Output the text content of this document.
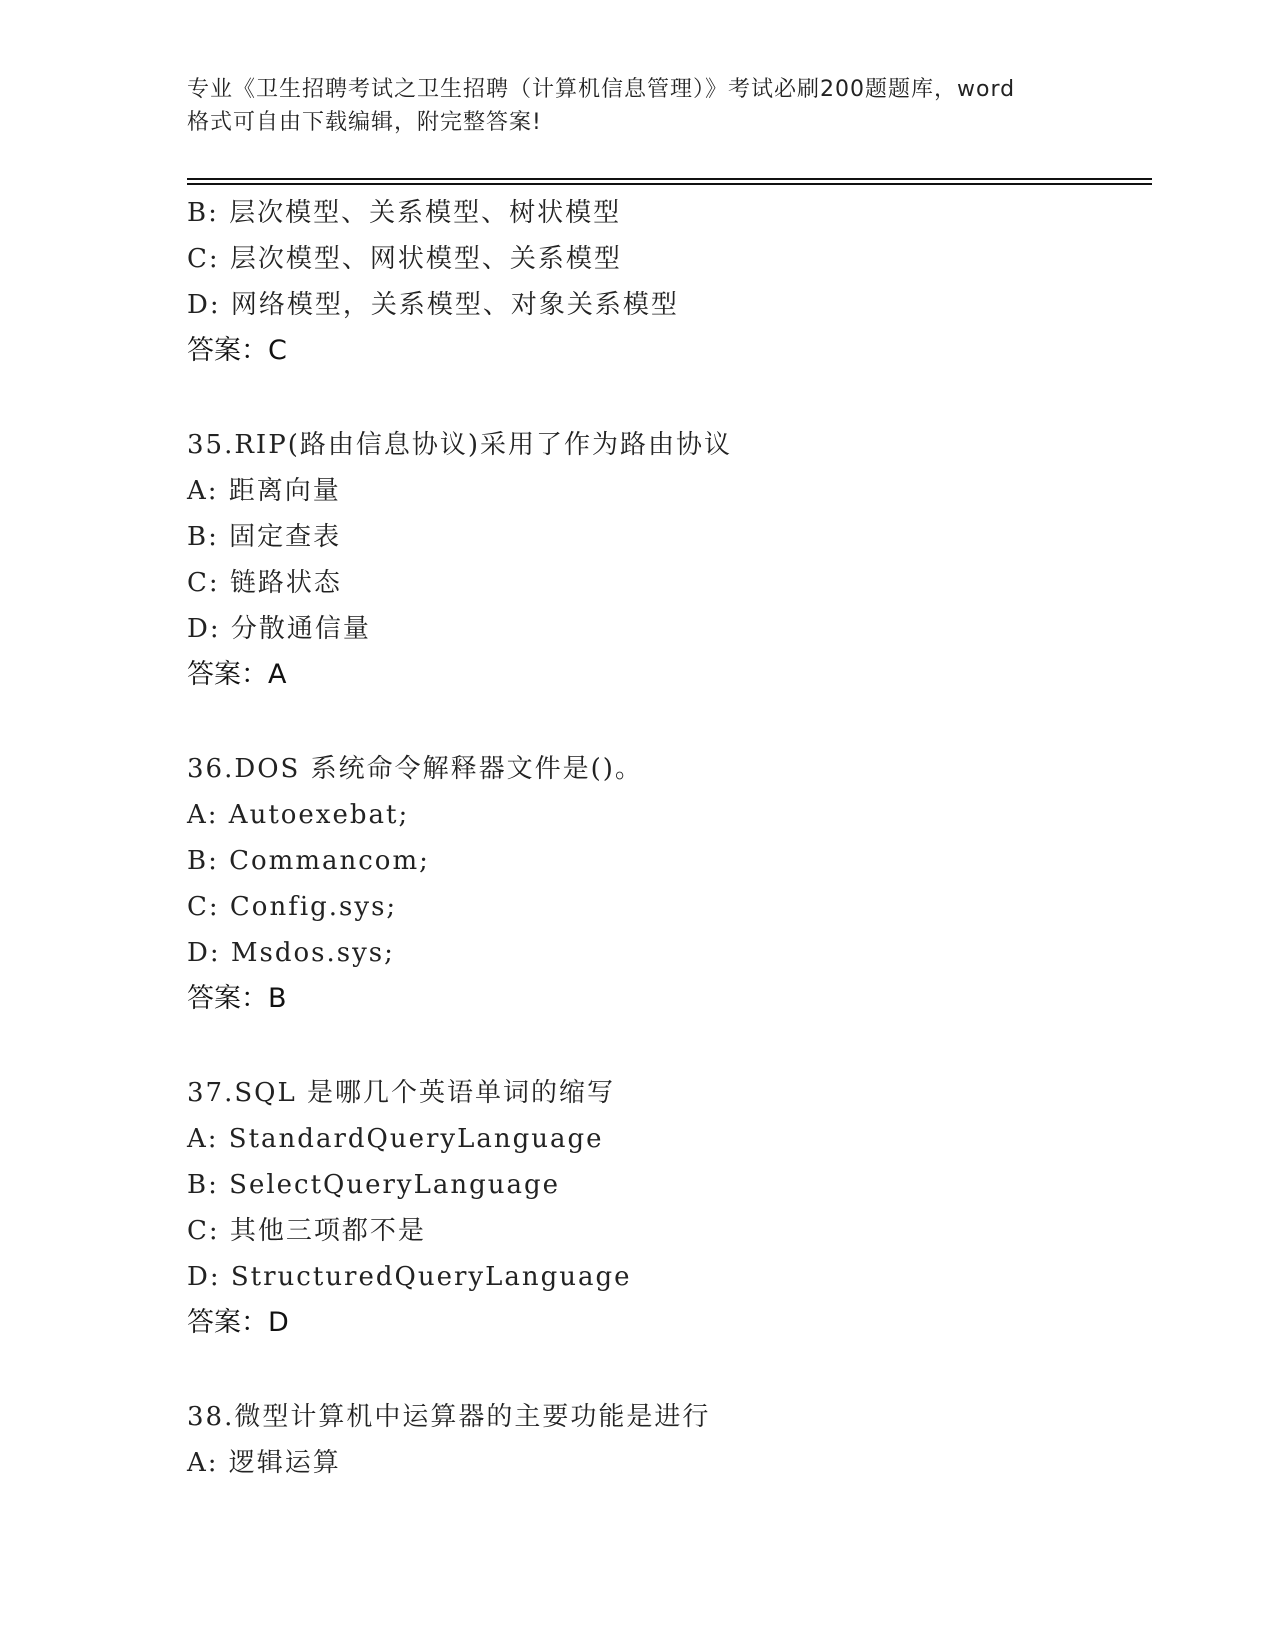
专业《卫生招聘考试之卫生招聘（计算机信息管理）》考试必刷200题题库，word
格式可自由下载编辑，附完整答案!
B: 层次模型、关系模型、树状模型
C: 层次模型、网状模型、关系模型
D: 网络模型，关系模型、对象关系模型
答案：C
35.RIP(路由信息协议)采用了作为路由协议
A: 距离向量
B: 固定查表
C: 链路状态
D: 分散通信量
答案：A
36.DOS 系统命令解释器文件是()。
A: Autoexebat;
B: Commancom;
C: Config.sys;
D: Msdos.sys;
答案：B
37.SQL 是哪几个英语单词的缩写
A: StandardQueryLanguage
B: SelectQueryLanguage
C: 其他三项都不是
D: StructuredQueryLanguage
答案：D
38.微型计算机中运算器的主要功能是进行
A: 逻辑运算
